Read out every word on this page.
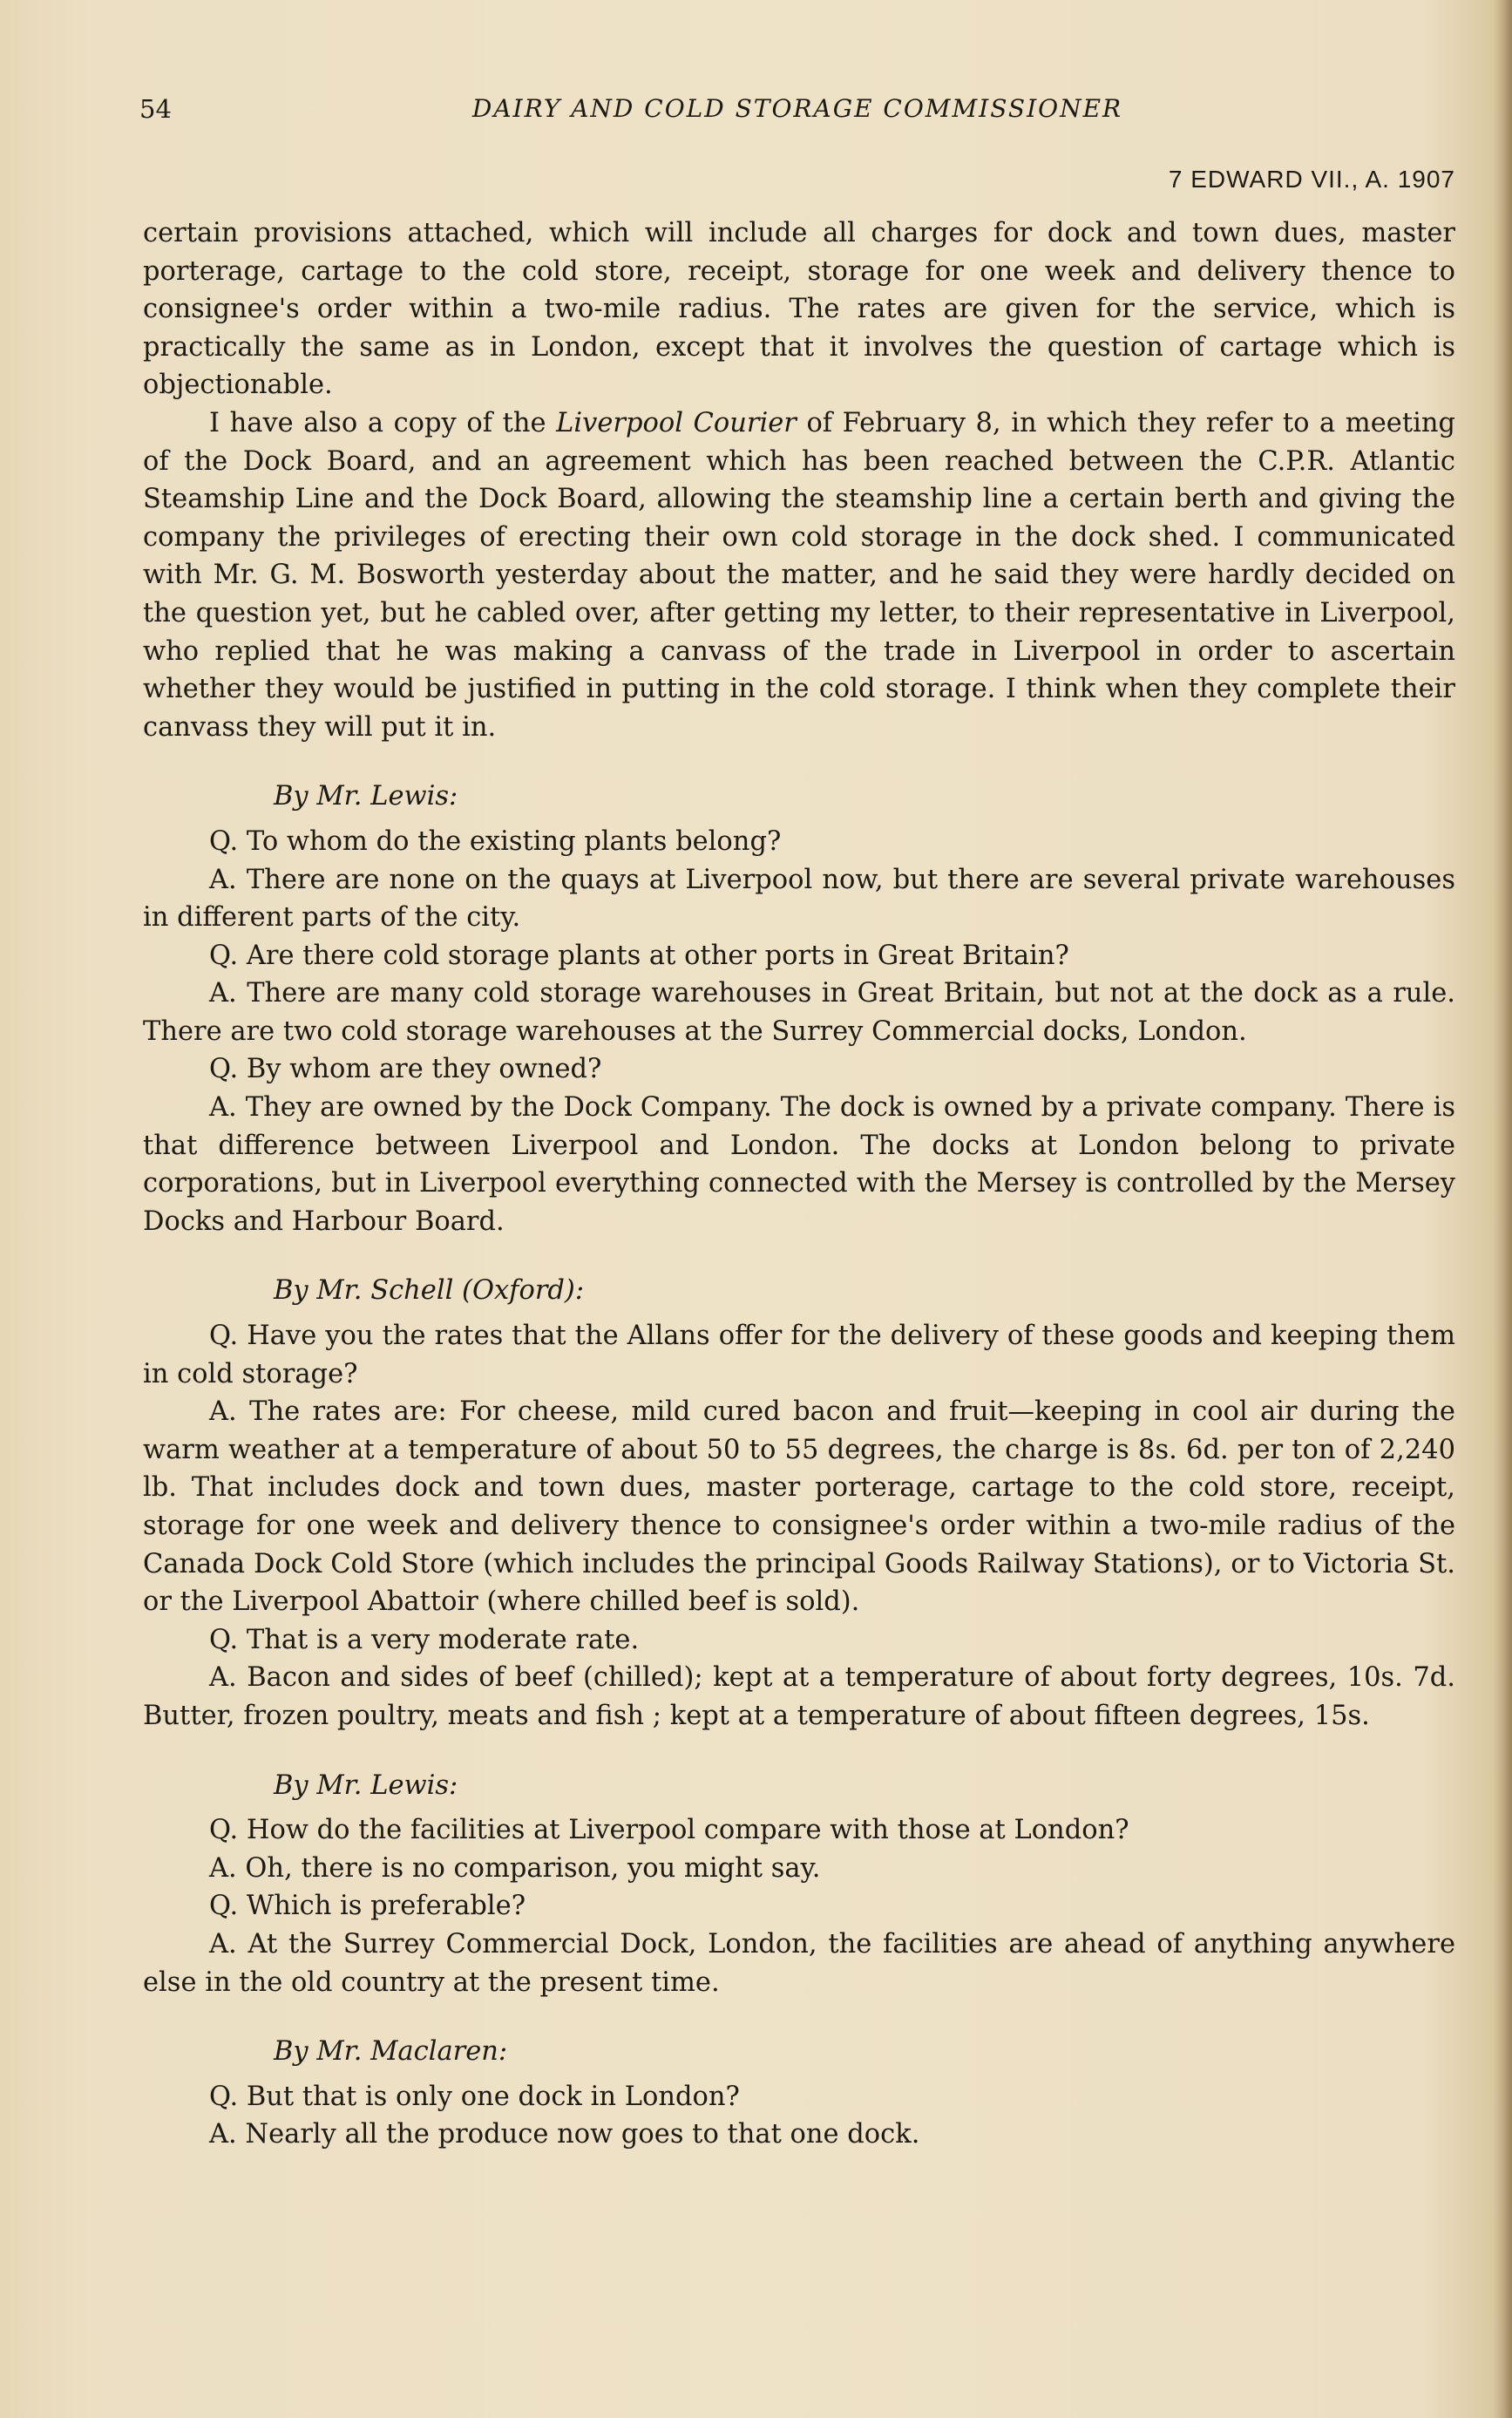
54	DAIRY AND COLD STORAGE COMMISSIONER
7 EDWARD VII., A. 1907

certain provisions attached, which will include all charges for dock and town dues, master porterage, cartage to the cold store, receipt, storage for one week and delivery thence to consignee's order within a two-mile radius. The rates are given for the service, which is practically the same as in London, except that it involves the question of cartage which is objectionable.

I have also a copy of the Liverpool Courier of February 8, in which they refer to a meeting of the Dock Board, and an agreement which has been reached between the C.P.R. Atlantic Steamship Line and the Dock Board, allowing the steamship line a certain berth and giving the company the privileges of erecting their own cold storage in the dock shed. I communicated with Mr. G. M. Bosworth yesterday about the matter, and he said they were hardly decided on the question yet, but he cabled over, after getting my letter, to their representative in Liverpool, who replied that he was making a canvass of the trade in Liverpool in order to ascertain whether they would be justified in putting in the cold storage. I think when they complete their canvass they will put it in.

By Mr. Lewis:

Q. To whom do the existing plants belong?

A. There are none on the quays at Liverpool now, but there are several private warehouses in different parts of the city.

Q. Are there cold storage plants at other ports in Great Britain?

A. There are many cold storage warehouses in Great Britain, but not at the dock as a rule. There are two cold storage warehouses at the Surrey Commercial docks, London.

Q. By whom are they owned?

A. They are owned by the Dock Company. The dock is owned by a private company. There is that difference between Liverpool and London. The docks at London belong to private corporations, but in Liverpool everything connected with the Mersey is controlled by the Mersey Docks and Harbour Board.

By Mr. Schell (Oxford):

Q. Have you the rates that the Allans offer for the delivery of these goods and keeping them in cold storage?

A. The rates are: For cheese, mild cured bacon and fruit—keeping in cool air during the warm weather at a temperature of about 50 to 55 degrees, the charge is 8s. 6d. per ton of 2,240 lb. That includes dock and town dues, master porterage, cartage to the cold store, receipt, storage for one week and delivery thence to consignee's order within a two-mile radius of the Canada Dock Cold Store (which includes the principal Goods Railway Stations), or to Victoria St. or the Liverpool Abattoir (where chilled beef is sold).

Q. That is a very moderate rate.

A. Bacon and sides of beef (chilled); kept at a temperature of about forty degrees, 10s. 7d. Butter, frozen poultry, meats and fish ; kept at a temperature of about fifteen degrees, 15s.

By Mr. Lewis:

Q. How do the facilities at Liverpool compare with those at London?

A. Oh, there is no comparison, you might say.

Q. Which is preferable?

A. At the Surrey Commercial Dock, London, the facilities are ahead of anything anywhere else in the old country at the present time.

By Mr. Maclaren:

Q. But that is only one dock in London?

A. Nearly all the produce now goes to that one dock.
